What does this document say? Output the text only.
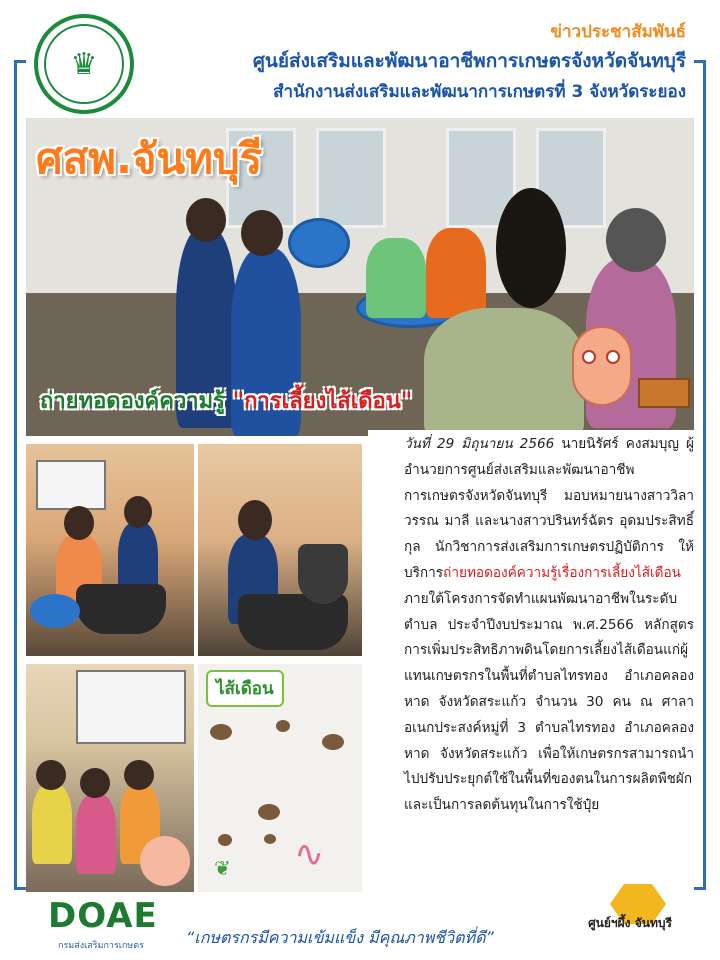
♛
ข่าวประชาสัมพันธ์
ศูนย์ส่งเสริมและพัฒนาอาชีพการเกษตรจังหวัดจันทบุรี
สำนักงานส่งเสริมและพัฒนาการเกษตรที่ 3 จังหวัดระยอง
ศสพ.จันทบุรี
ถ่ายทอดองค์ความรู้ "การเลี้ยงไส้เดือน"
ไส้เดือน
❦ ∿

วันที่ 29 มิถุนายน 2566 นายนิรัศร์ คงสมบุญ ผู้อำนวยการศูนย์ส่งเสริมและพัฒนาอาชีพการเกษตรจังหวัดจันทบุรี มอบหมายนางสาววิลาวรรณ มาลี และนางสาวปรินทร์ฉัตร อุดมประสิทธิ์กุล นักวิชาการส่งเสริมการเกษตรปฏิบัติการ ให้บริการถ่ายทอดองค์ความรู้เรื่องการเลี้ยงไส้เดือน ภายใต้โครงการจัดทำแผนพัฒนาอาชีพในระดับตำบล ประจำปีงบประมาณ พ.ศ.2566 หลักสูตรการเพิ่มประสิทธิภาพดินโดยการเลี้ยงไส้เดือนแก่ผู้แทนเกษตรกรในพื้นที่ตำบลไทรทอง อำเภอคลองหาด จังหวัดสระแก้ว จำนวน 30 คน ณ ศาลาอเนกประสงค์หมู่ที่ 3 ตำบลไทรทอง อำเภอคลองหาด จังหวัดสระแก้ว เพื่อให้เกษตรกรสามารถนำไปปรับประยุกต์ใช้ในพื้นที่ของตนในการผลิตพืชผัก และเป็นการลดต้นทุนในการใช้ปุ๋ย

DOAE
กรมส่งเสริมการเกษตร	“เกษตรกรมีความเข้มแข็ง มีคุณภาพชีวิตที่ดี”
ศูนย์ฯผึ้ง จันทบุรี
